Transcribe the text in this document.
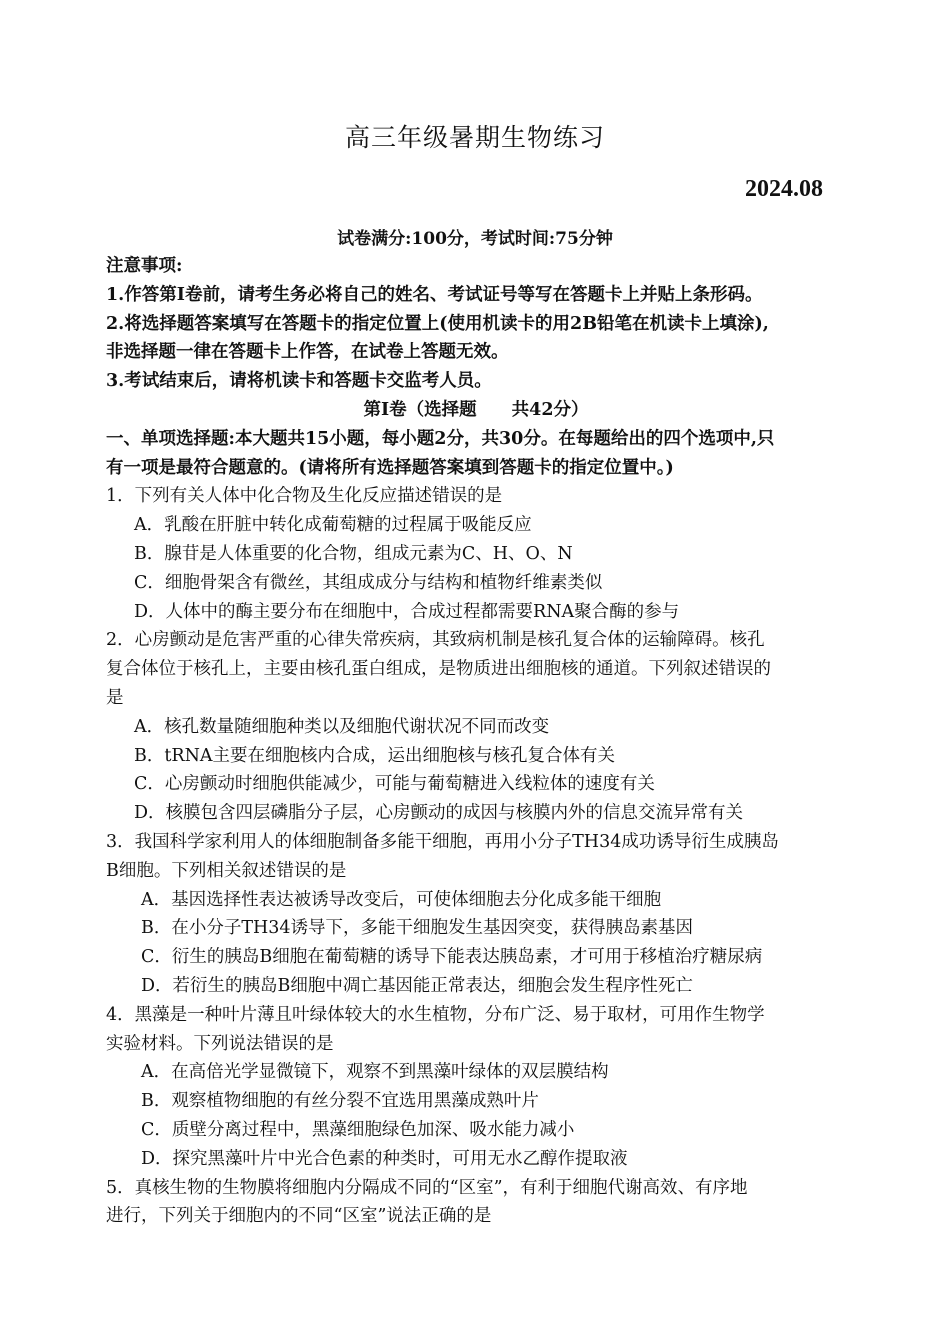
高三年级暑期生物练习
2024.08
试卷满分:100分，考试时间:75分钟
注意事项:
1.作答第Ⅰ卷前，请考生务必将自己的姓名、考试证号等写在答题卡上并贴上条形码。
2.将选择题答案填写在答题卡的指定位置上(使用机读卡的用2B铅笔在机读卡上填涂),
非选择题一律在答题卡上作答，在试卷上答题无效。
3.考试结束后，请将机读卡和答题卡交监考人员。
第Ⅰ卷（选择题　　共42分）
一、单项选择题:本大题共15小题，每小题2分，共30分。在每题给出的四个选项中,只
有一项是最符合题意的。(请将所有选择题答案填到答题卡的指定位置中。)
1．下列有关人体中化合物及生化反应描述错误的是
A．乳酸在肝脏中转化成葡萄糖的过程属于吸能反应
B．腺苷是人体重要的化合物，组成元素为C、H、O、N
C．细胞骨架含有微丝，其组成成分与结构和植物纤维素类似
D．人体中的酶主要分布在细胞中，合成过程都需要RNA聚合酶的参与
2．心房颤动是危害严重的心律失常疾病，其致病机制是核孔复合体的运输障碍。核孔
复合体位于核孔上，主要由核孔蛋白组成，是物质进出细胞核的通道。下列叙述错误的
是
A．核孔数量随细胞种类以及细胞代谢状况不同而改变
B．tRNA主要在细胞核内合成，运出细胞核与核孔复合体有关
C．心房颤动时细胞供能减少，可能与葡萄糖进入线粒体的速度有关
D．核膜包含四层磷脂分子层，心房颤动的成因与核膜内外的信息交流异常有关
3．我国科学家利用人的体细胞制备多能干细胞，再用小分子TH34成功诱导衍生成胰岛
B细胞。下列相关叙述错误的是
A．基因选择性表达被诱导改变后，可使体细胞去分化成多能干细胞
B．在小分子TH34诱导下，多能干细胞发生基因突变，获得胰岛素基因
C．衍生的胰岛B细胞在葡萄糖的诱导下能表达胰岛素，才可用于移植治疗糖尿病
D．若衍生的胰岛B细胞中凋亡基因能正常表达，细胞会发生程序性死亡
4．黑藻是一种叶片薄且叶绿体较大的水生植物，分布广泛、易于取材，可用作生物学
实验材料。下列说法错误的是
A．在高倍光学显微镜下，观察不到黑藻叶绿体的双层膜结构
B．观察植物细胞的有丝分裂不宜选用黑藻成熟叶片
C．质壁分离过程中，黑藻细胞绿色加深、吸水能力减小
D．探究黑藻叶片中光合色素的种类时，可用无水乙醇作提取液
5．真核生物的生物膜将细胞内分隔成不同的“区室”，有利于细胞代谢高效、有序地
进行，下列关于细胞内的不同“区室”说法正确的是
